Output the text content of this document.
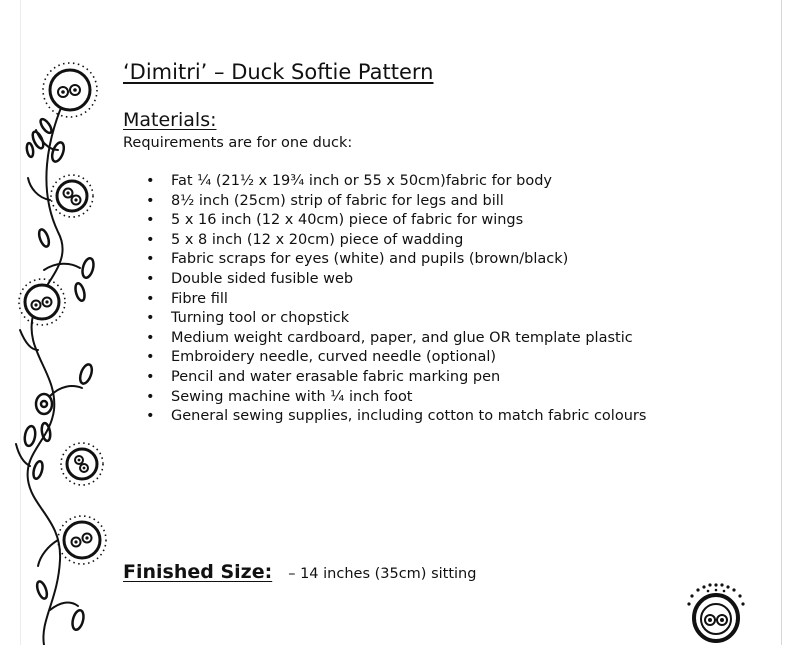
‘Dimitri’ – Duck Softie Pattern
Materials:
Requirements are for one duck:
• Fat ¼ (21½ x 19¾ inch or 55 x 50cm)fabric for body
• 8½ inch (25cm) strip of fabric for legs and bill
• 5 x 16 inch (12 x 40cm) piece of fabric for wings
• 5 x 8 inch (12 x 20cm) piece of wadding
• Fabric scraps for eyes (white) and pupils (brown/black)
• Double sided fusible web
• Fibre fill
• Turning tool or chopstick
• Medium weight cardboard, paper, and glue OR template plastic
• Embroidery needle, curved needle (optional)
• Pencil and water erasable fabric marking pen
• Sewing machine with ¼ inch foot
• General sewing supplies, including cotton to match fabric colours
Finished Size: – 14 inches (35cm) sitting
